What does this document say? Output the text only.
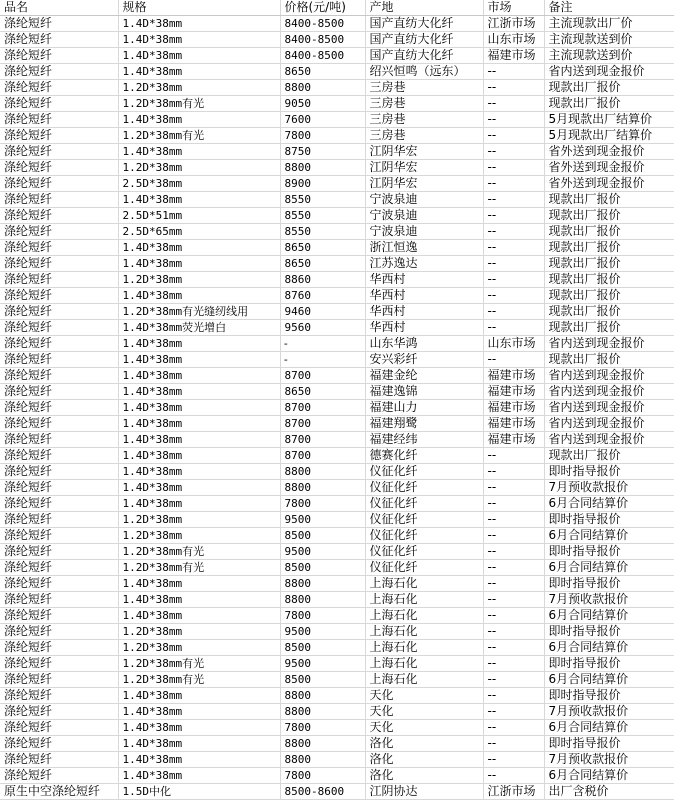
品名	规格	价格(元/吨)	产地	市场	备注
涤纶短纤	1.4D*38mm	8400-8500	国产直纺大化纤	江浙市场	主流现款出厂价
涤纶短纤	1.4D*38mm	8400-8500	国产直纺大化纤	山东市场	主流现款送到价
涤纶短纤	1.4D*38mm	8400-8500	国产直纺大化纤	福建市场	主流现款送到价
涤纶短纤	1.4D*38mm	8650	绍兴恒鸣（远东）	--	省内送到现金报价
涤纶短纤	1.2D*38mm	8800	三房巷	--	现款出厂报价
涤纶短纤	1.2D*38mm有光	9050	三房巷	--	现款出厂报价
涤纶短纤	1.4D*38mm	7600	三房巷	--	5月现款出厂结算价
涤纶短纤	1.2D*38mm有光	7800	三房巷	--	5月现款出厂结算价
涤纶短纤	1.4D*38mm	8750	江阴华宏	--	省外送到现金报价
涤纶短纤	1.2D*38mm	8800	江阴华宏	--	省外送到现金报价
涤纶短纤	2.5D*38mm	8900	江阴华宏	--	省外送到现金报价
涤纶短纤	1.4D*38mm	8550	宁波泉迪	--	现款出厂报价
涤纶短纤	2.5D*51mm	8550	宁波泉迪	--	现款出厂报价
涤纶短纤	2.5D*65mm	8550	宁波泉迪	--	现款出厂报价
涤纶短纤	1.4D*38mm	8650	浙江恒逸	--	现款出厂报价
涤纶短纤	1.4D*38mm	8650	江苏逸达	--	现款出厂报价
涤纶短纤	1.2D*38mm	8860	华西村	--	现款出厂报价
涤纶短纤	1.4D*38mm	8760	华西村	--	现款出厂报价
涤纶短纤	1.2D*38mm有光缝纫线用	9460	华西村	--	现款出厂报价
涤纶短纤	1.4D*38mm荧光增白	9560	华西村	--	现款出厂报价
涤纶短纤	1.4D*38mm	-	山东华鸿	山东市场	省内送到现金报价
涤纶短纤	1.4D*38mm	-	安兴彩纤	--	现款出厂报价
涤纶短纤	1.4D*38mm	8700	福建金纶	福建市场	省内送到现金报价
涤纶短纤	1.4D*38mm	8650	福建逸锦	福建市场	省内送到现金报价
涤纶短纤	1.4D*38mm	8700	福建山力	福建市场	省内送到现金报价
涤纶短纤	1.4D*38mm	8700	福建翔鹭	福建市场	省内送到现金报价
涤纶短纤	1.4D*38mm	8700	福建经纬	福建市场	省内送到现金报价
涤纶短纤	1.4D*38mm	8700	德赛化纤	--	现款出厂报价
涤纶短纤	1.4D*38mm	8800	仪征化纤	--	即时指导报价
涤纶短纤	1.4D*38mm	8800	仪征化纤	--	7月预收款报价
涤纶短纤	1.4D*38mm	7800	仪征化纤	--	6月合同结算价
涤纶短纤	1.2D*38mm	9500	仪征化纤	--	即时指导报价
涤纶短纤	1.2D*38mm	8500	仪征化纤	--	6月合同结算价
涤纶短纤	1.2D*38mm有光	9500	仪征化纤	--	即时指导报价
涤纶短纤	1.2D*38mm有光	8500	仪征化纤	--	6月合同结算价
涤纶短纤	1.4D*38mm	8800	上海石化	--	即时指导报价
涤纶短纤	1.4D*38mm	8800	上海石化	--	7月预收款报价
涤纶短纤	1.4D*38mm	7800	上海石化	--	6月合同结算价
涤纶短纤	1.2D*38mm	9500	上海石化	--	即时指导报价
涤纶短纤	1.2D*38mm	8500	上海石化	--	6月合同结算价
涤纶短纤	1.2D*38mm有光	9500	上海石化	--	即时指导报价
涤纶短纤	1.2D*38mm有光	8500	上海石化	--	6月合同结算价
涤纶短纤	1.4D*38mm	8800	天化	--	即时指导报价
涤纶短纤	1.4D*38mm	8800	天化	--	7月预收款报价
涤纶短纤	1.4D*38mm	7800	天化	--	6月合同结算价
涤纶短纤	1.4D*38mm	8800	洛化	--	即时指导报价
涤纶短纤	1.4D*38mm	8800	洛化	--	7月预收款报价
涤纶短纤	1.4D*38mm	7800	洛化	--	6月合同结算价
原生中空涤纶短纤	1.5D中化	8500-8600	江阴协达	江浙市场	出厂含税价
